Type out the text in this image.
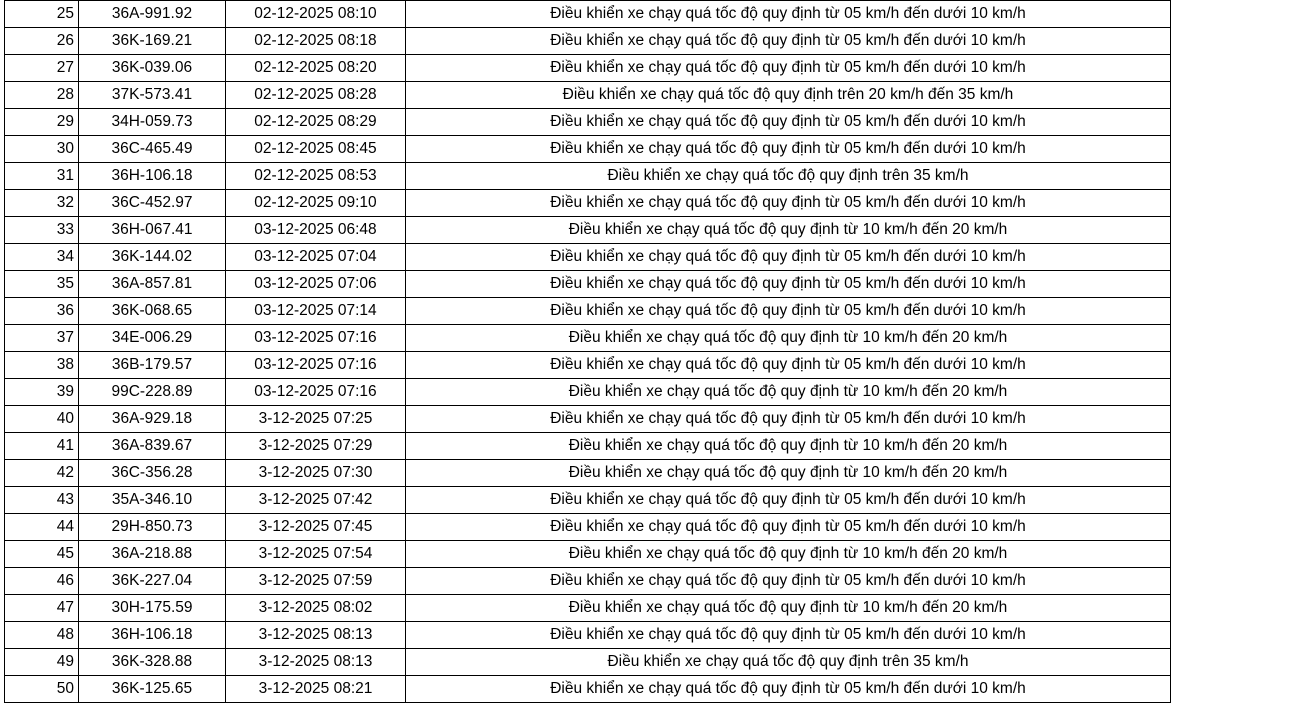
25	36A-991.92	02-12-2025 08:10	Điều khiển xe chạy quá tốc độ quy định từ 05 km/h đến dưới 10 km/h
26	36K-169.21	02-12-2025 08:18	Điều khiển xe chạy quá tốc độ quy định từ 05 km/h đến dưới 10 km/h
27	36K-039.06	02-12-2025 08:20	Điều khiển xe chạy quá tốc độ quy định từ 05 km/h đến dưới 10 km/h
28	37K-573.41	02-12-2025 08:28	Điều khiển xe chạy quá tốc độ quy định trên 20 km/h đến 35 km/h
29	34H-059.73	02-12-2025 08:29	Điều khiển xe chạy quá tốc độ quy định từ 05 km/h đến dưới 10 km/h
30	36C-465.49	02-12-2025 08:45	Điều khiển xe chạy quá tốc độ quy định từ 05 km/h đến dưới 10 km/h
31	36H-106.18	02-12-2025 08:53	Điều khiển xe chạy quá tốc độ quy định trên 35 km/h
32	36C-452.97	02-12-2025 09:10	Điều khiển xe chạy quá tốc độ quy định từ 05 km/h đến dưới 10 km/h
33	36H-067.41	03-12-2025 06:48	Điều khiển xe chạy quá tốc độ quy định từ 10 km/h đến 20 km/h
34	36K-144.02	03-12-2025 07:04	Điều khiển xe chạy quá tốc độ quy định từ 05 km/h đến dưới 10 km/h
35	36A-857.81	03-12-2025 07:06	Điều khiển xe chạy quá tốc độ quy định từ 05 km/h đến dưới 10 km/h
36	36K-068.65	03-12-2025 07:14	Điều khiển xe chạy quá tốc độ quy định từ 05 km/h đến dưới 10 km/h
37	34E-006.29	03-12-2025 07:16	Điều khiển xe chạy quá tốc độ quy định từ 10 km/h đến 20 km/h
38	36B-179.57	03-12-2025 07:16	Điều khiển xe chạy quá tốc độ quy định từ 05 km/h đến dưới 10 km/h
39	99C-228.89	03-12-2025 07:16	Điều khiển xe chạy quá tốc độ quy định từ 10 km/h đến 20 km/h
40	36A-929.18	3-12-2025 07:25	Điều khiển xe chạy quá tốc độ quy định từ 05 km/h đến dưới 10 km/h
41	36A-839.67	3-12-2025 07:29	Điều khiển xe chạy quá tốc độ quy định từ 10 km/h đến 20 km/h
42	36C-356.28	3-12-2025 07:30	Điều khiển xe chạy quá tốc độ quy định từ 10 km/h đến 20 km/h
43	35A-346.10	3-12-2025 07:42	Điều khiển xe chạy quá tốc độ quy định từ 05 km/h đến dưới 10 km/h
44	29H-850.73	3-12-2025 07:45	Điều khiển xe chạy quá tốc độ quy định từ 05 km/h đến dưới 10 km/h
45	36A-218.88	3-12-2025 07:54	Điều khiển xe chạy quá tốc độ quy định từ 10 km/h đến 20 km/h
46	36K-227.04	3-12-2025 07:59	Điều khiển xe chạy quá tốc độ quy định từ 05 km/h đến dưới 10 km/h
47	30H-175.59	3-12-2025 08:02	Điều khiển xe chạy quá tốc độ quy định từ 10 km/h đến 20 km/h
48	36H-106.18	3-12-2025 08:13	Điều khiển xe chạy quá tốc độ quy định từ 05 km/h đến dưới 10 km/h
49	36K-328.88	3-12-2025 08:13	Điều khiển xe chạy quá tốc độ quy định trên 35 km/h
50	36K-125.65	3-12-2025 08:21	Điều khiển xe chạy quá tốc độ quy định từ 05 km/h đến dưới 10 km/h
